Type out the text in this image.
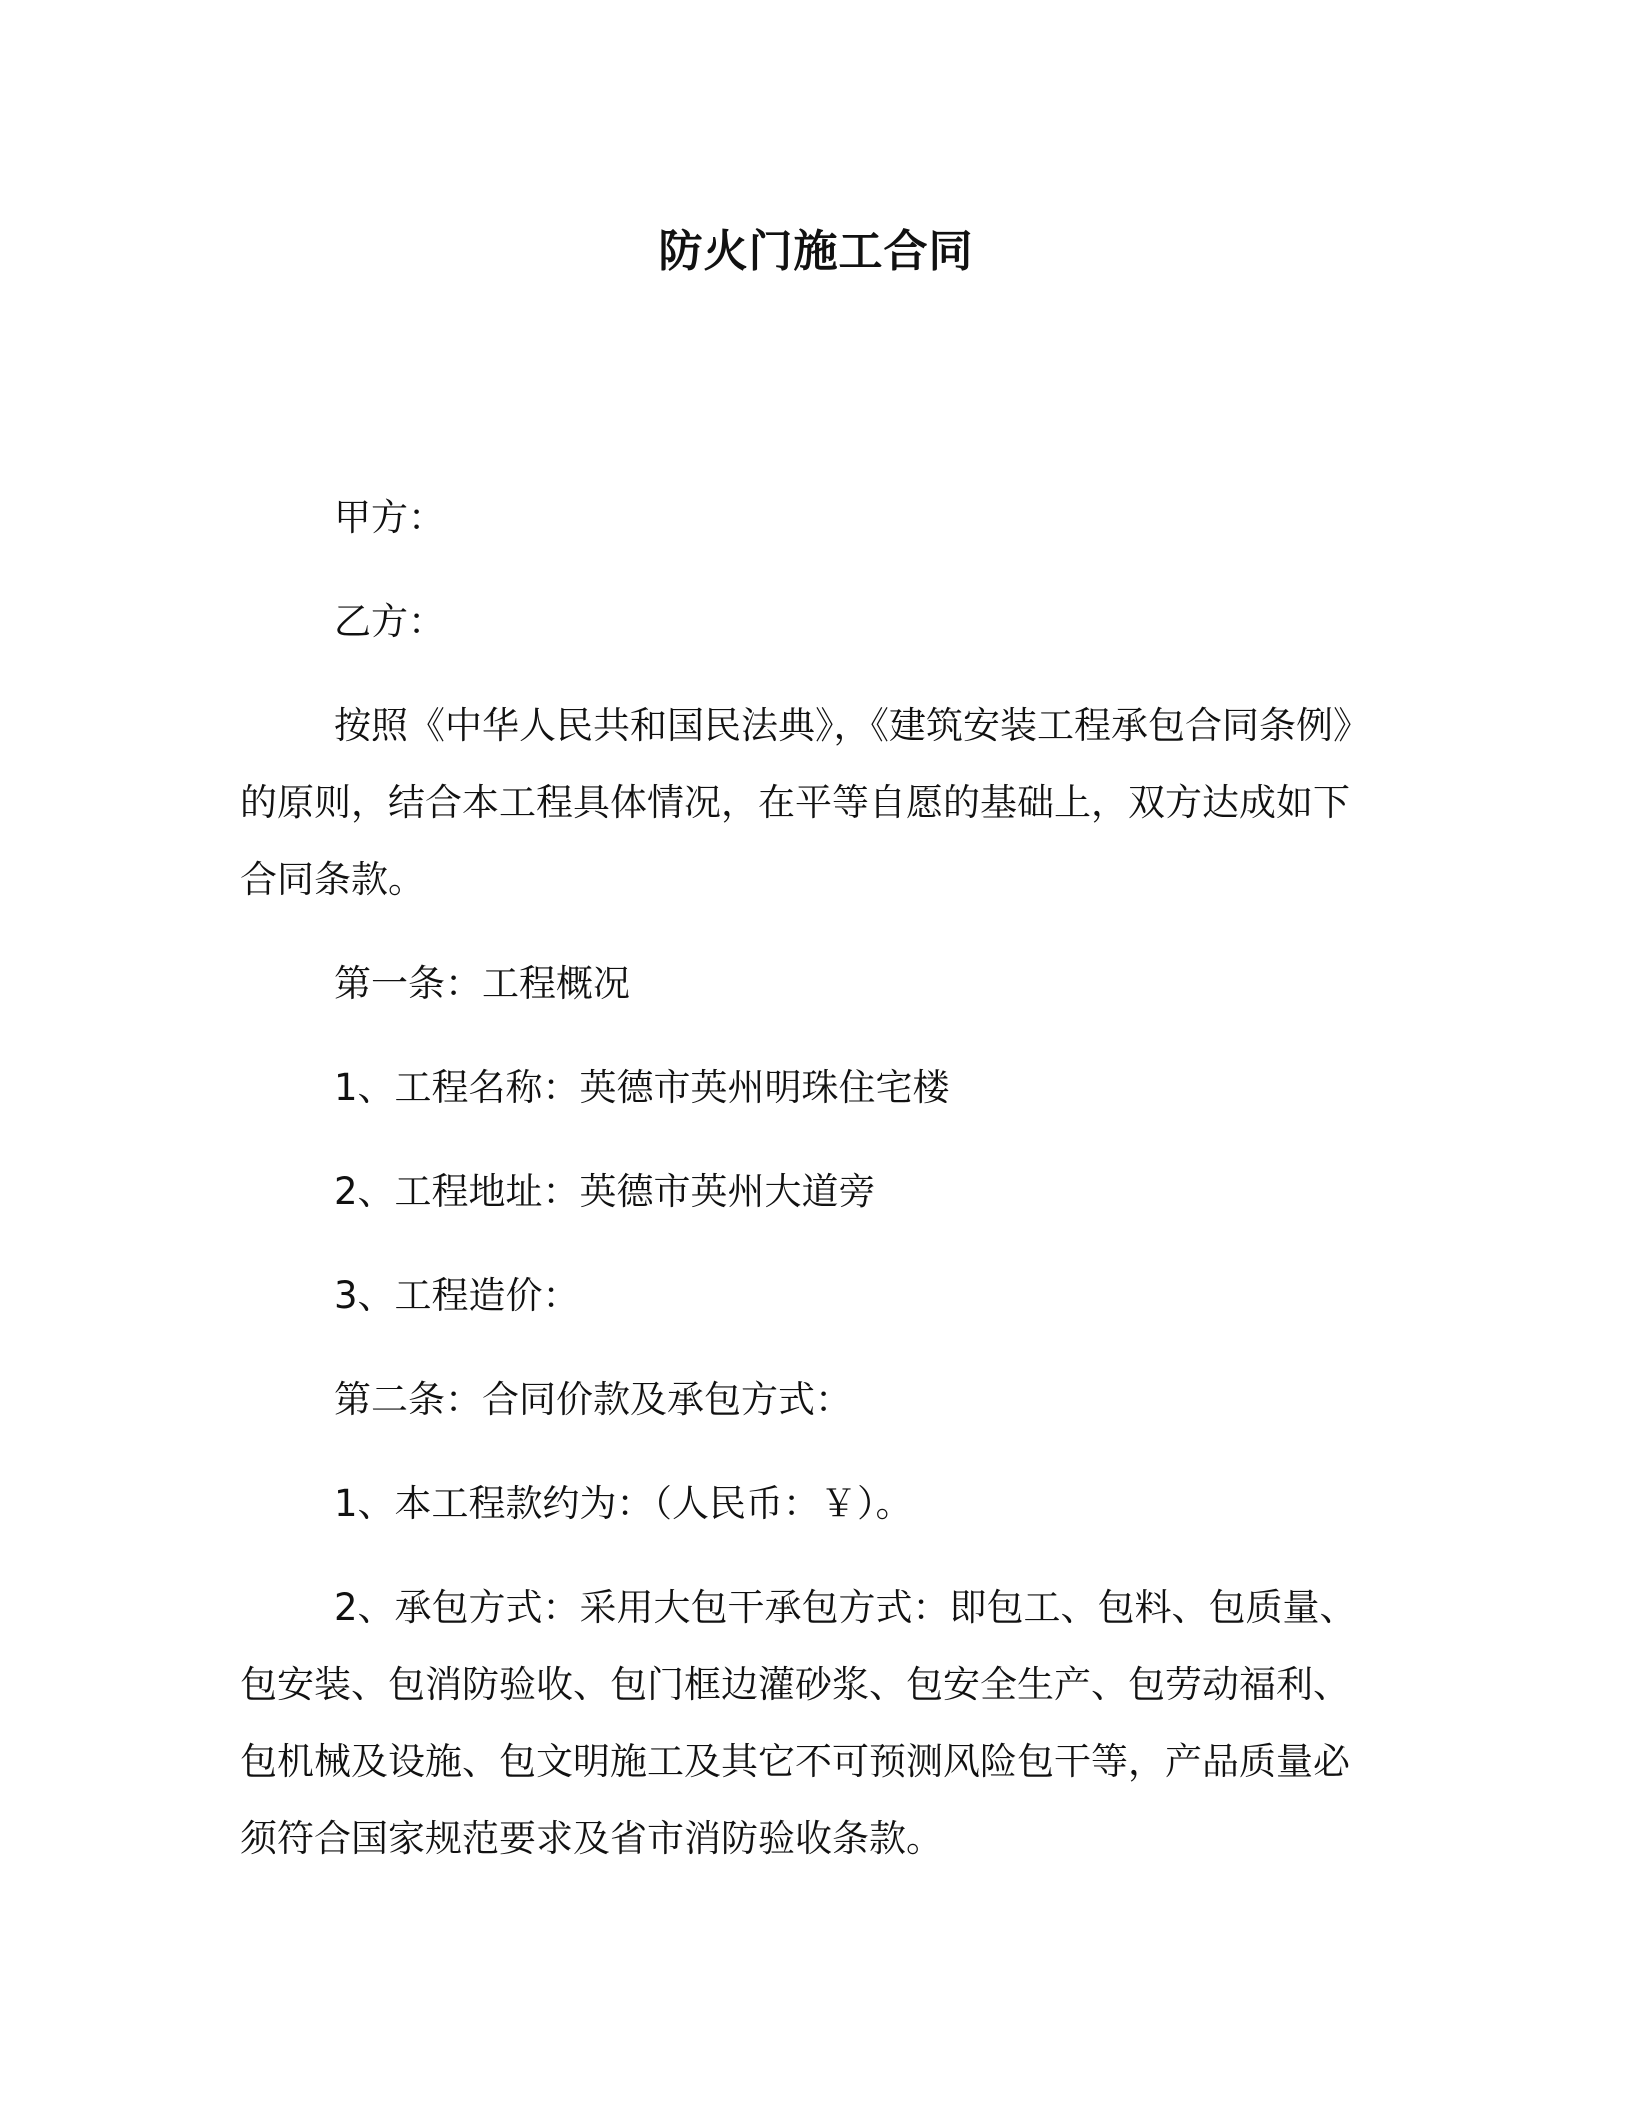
防火门施工合同
甲方：
乙方：
按照《中华人民共和国民法典》，《建筑安装工程承包合同条例》
的原则，结合本工程具体情况，在平等自愿的基础上，双方达成如下
合同条款。
第一条：工程概况
1、工程名称：英德市英州明珠住宅楼
2、工程地址：英德市英州大道旁
3、工程造价：
第二条：合同价款及承包方式：
1、本工程款约为：（人民币：￥）。
2、承包方式：采用大包干承包方式：即包工、包料、包质量、
包安装、包消防验收、包门框边灌砂浆、包安全生产、包劳动福利、
包机械及设施、包文明施工及其它不可预测风险包干等，产品质量必
须符合国家规范要求及省市消防验收条款。
